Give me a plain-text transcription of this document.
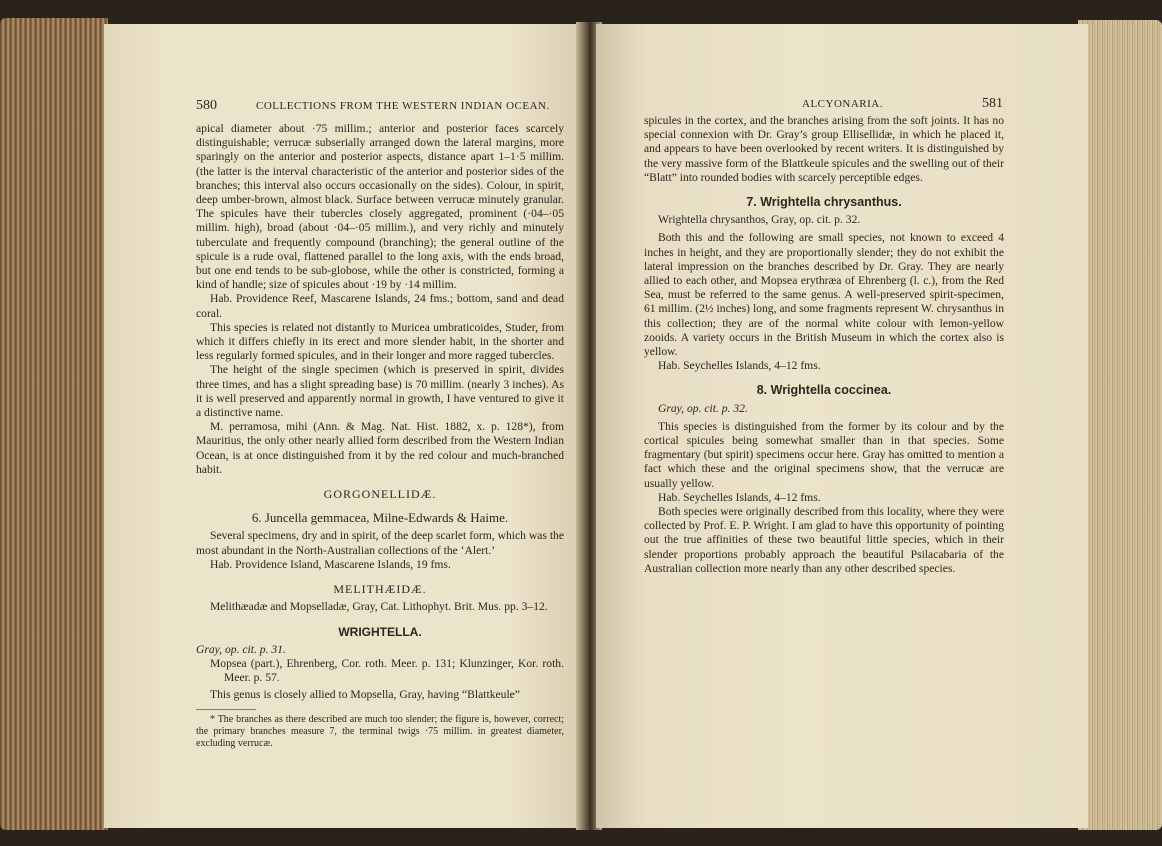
580	COLLECTIONS FROM THE WESTERN INDIAN OCEAN.

apical diameter about ·75 millim.; anterior and posterior faces scarcely distinguishable; verrucæ subserially arranged down the lateral margins, more sparingly on the anterior and posterior aspects, distance apart 1–1·5 millim. (the latter is the interval characteristic of the anterior and posterior sides of the branches; this interval also occurs occasionally on the sides). Colour, in spirit, deep umber-brown, almost black. Surface between verrucæ minutely granular. The spicules have their tubercles closely aggregated, prominent (·04–·05 millim. high), broad (about ·04–·05 millim.), and very richly and minutely tuberculate and frequently compound (branching); the general outline of the spicule is a rude oval, flattened parallel to the long axis, with the ends broad, but one end tends to be sub-globose, while the other is constricted, forming a kind of handle; size of spicules about ·19 by ·14 millim.

Hab. Providence Reef, Mascarene Islands, 24 fms.; bottom, sand and dead coral.

This species is related not distantly to Muricea umbraticoides, Studer, from which it differs chiefly in its erect and more slender habit, in the shorter and less regularly formed spicules, and in their longer and more ragged tubercles.

The height of the single specimen (which is preserved in spirit, divides three times, and has a slight spreading base) is 70 millim. (nearly 3 inches). As it is well preserved and apparently normal in growth, I have ventured to give it a distinctive name.

M. perramosa, mihi (Ann. & Mag. Nat. Hist. 1882, x. p. 128*), from Mauritius, the only other nearly allied form described from the Western Indian Ocean, is at once distinguished from it by the red colour and much-branched habit.

GORGONELLIDÆ.
6. Juncella gemmacea, Milne-Edwards & Haime.

Several specimens, dry and in spirit, of the deep scarlet form, which was the most abundant in the North-Australian collections of the ‘Alert.’

Hab. Providence Island, Mascarene Islands, 19 fms.

MELITHÆIDÆ.

Melithæadæ and Mopselladæ, Gray, Cat. Lithophyt. Brit. Mus. pp. 3–12.

WRIGHTELLA.

Gray, op. cit. p. 31.

Mopsea (part.), Ehrenberg, Cor. roth. Meer. p. 131; Klunzinger, Kor. roth. Meer. p. 57.

This genus is closely allied to Mopsella, Gray, having “Blattkeule”

* The branches as there described are much too slender; the figure is, however, correct; the primary branches measure 7, the terminal twigs ·75 millim. in greatest diameter, excluding verrucæ.

ALCYONARIA.	581

spicules in the cortex, and the branches arising from the soft joints. It has no special connexion with Dr. Gray’s group Ellisellidæ, in which he placed it, and appears to have been overlooked by recent writers. It is distinguished by the very massive form of the Blattkeule spicules and the swelling out of their “Blatt” into rounded bodies with scarcely perceptible edges.

7. Wrightella chrysanthus.

Wrightella chrysanthos, Gray, op. cit. p. 32.

Both this and the following are small species, not known to exceed 4 inches in height, and they are proportionally slender; they do not exhibit the lateral impression on the branches described by Dr. Gray. They are nearly allied to each other, and Mopsea erythræa of Ehrenberg (l. c.), from the Red Sea, must be referred to the same genus. A well-preserved spirit-specimen, 61 millim. (2½ inches) long, and some fragments represent W. chrysanthus in this collection; they are of the normal white colour with lemon-yellow zooids. A variety occurs in the British Museum in which the cortex also is yellow.

Hab. Seychelles Islands, 4–12 fms.

8. Wrightella coccinea.

Gray, op. cit. p. 32.

This species is distinguished from the former by its colour and by the cortical spicules being somewhat smaller than in that species. Some fragmentary (but spirit) specimens occur here. Gray has omitted to mention a fact which these and the original specimens show, that the verrucæ are usually yellow.

Hab. Seychelles Islands, 4–12 fms.

Both species were originally described from this locality, where they were collected by Prof. E. P. Wright. I am glad to have this opportunity of pointing out the true affinities of these two beautiful little species, which in their slender proportions probably approach the beautiful Psilacabaria of the Australian collection more nearly than any other described species.
